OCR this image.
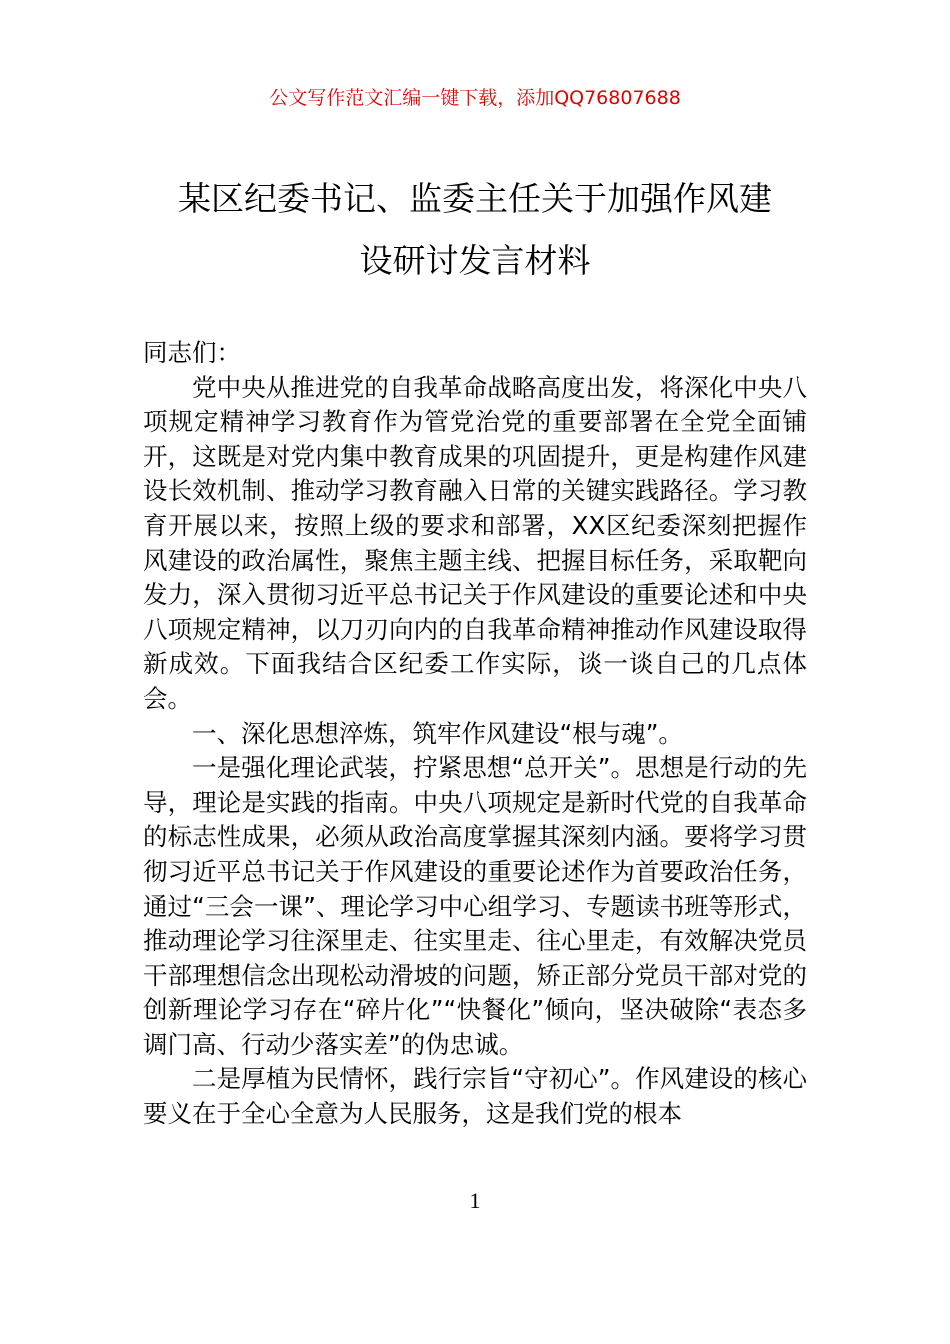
公文写作范文汇编一键下载，添加QQ76807688
某区纪委书记、监委主任关于加强作风建
设研讨发言材料

同志们：

党中央从推进党的自我革命战略高度出发，将深化中央八项规定精神学习教育作为管党治党的重要部署在全党全面铺开，这既是对党内集中教育成果的巩固提升，更是构建作风建设长效机制、推动学习教育融入日常的关键实践路径。学习教育开展以来，按照上级的要求和部署，XX区纪委深刻把握作风建设的政治属性，聚焦主题主线、把握目标任务，采取靶向发力，深入贯彻习近平总书记关于作风建设的重要论述和中央八项规定精神，以刀刃向内的自我革命精神推动作风建设取得新成效。下面我结合区纪委工作实际，谈一谈自己的几点体会。

一、深化思想淬炼，筑牢作风建设“根与魂”。

一是强化理论武装，拧紧思想“总开关”。思想是行动的先导，理论是实践的指南。中央八项规定是新时代党的自我革命的标志性成果，必须从政治高度掌握其深刻内涵。要将学习贯彻习近平总书记关于作风建设的重要论述作为首要政治任务，通过“三会一课”、理论学习中心组学习、专题读书班等形式，推动理论学习往深里走、往实里走、往心里走，有效解决党员干部理想信念出现松动滑坡的问题，矫正部分党员干部对党的创新理论学习存在“碎片化”“快餐化”倾向，坚决破除“表态多调门高、行动少落实差”的伪忠诚。

二是厚植为民情怀，践行宗旨“守初心”。作风建设的核心要义在于全心全意为人民服务，这是我们党的根本

1
